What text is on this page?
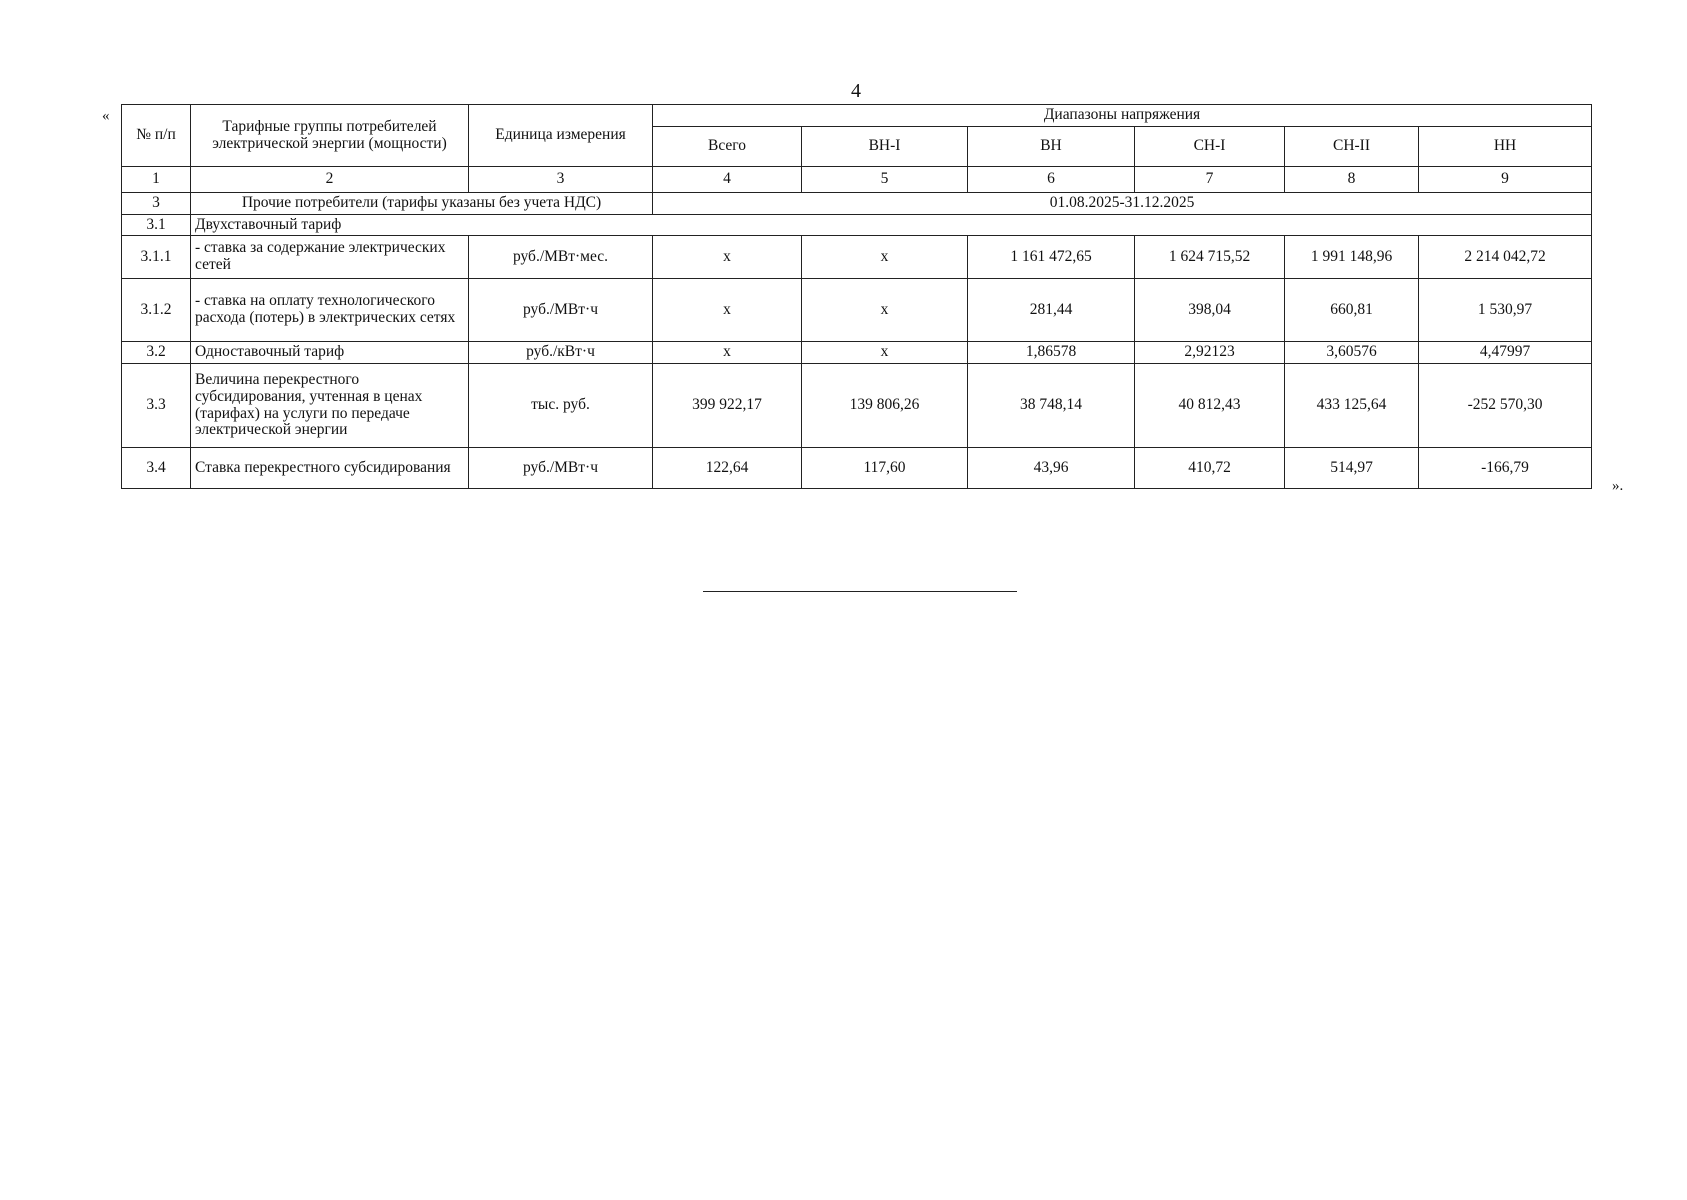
4
«
№ п/п	Тарифные группы потребителей электрической энергии (мощности)	Единица измерения	Диапазоны напряжения					
			Всего	ВН-I	ВН	СН-I	СН-II	НН
1	2	3	4	5	6	7	8	9
3	Прочие потребители (тарифы указаны без учета НДС)		01.08.2025-31.12.2025					
3.1	Двухставочный тариф							
3.1.1	- ставка за содержание электрических сетей	руб./МВт·мес.	х	х	1 161 472,65	1 624 715,52	1 991 148,96	2 214 042,72
3.1.2	- ставка на оплату технологического расхода (потерь) в электрических сетях	руб./МВт·ч	х	х	281,44	398,04	660,81	1 530,97
3.2	Одноставочный тариф	руб./кВт·ч	х	х	1,86578	2,92123	3,60576	4,47997
3.3	Величина перекрестного субсидирования, учтенная в ценах (тарифах) на услуги по передаче электрической энергии	тыс. руб.	399 922,17	139 806,26	38 748,14	40 812,43	433 125,64	-252 570,30
3.4	Ставка перекрестного субсидирования	руб./МВт·ч	122,64	117,60	43,96	410,72	514,97	-166,79
».
